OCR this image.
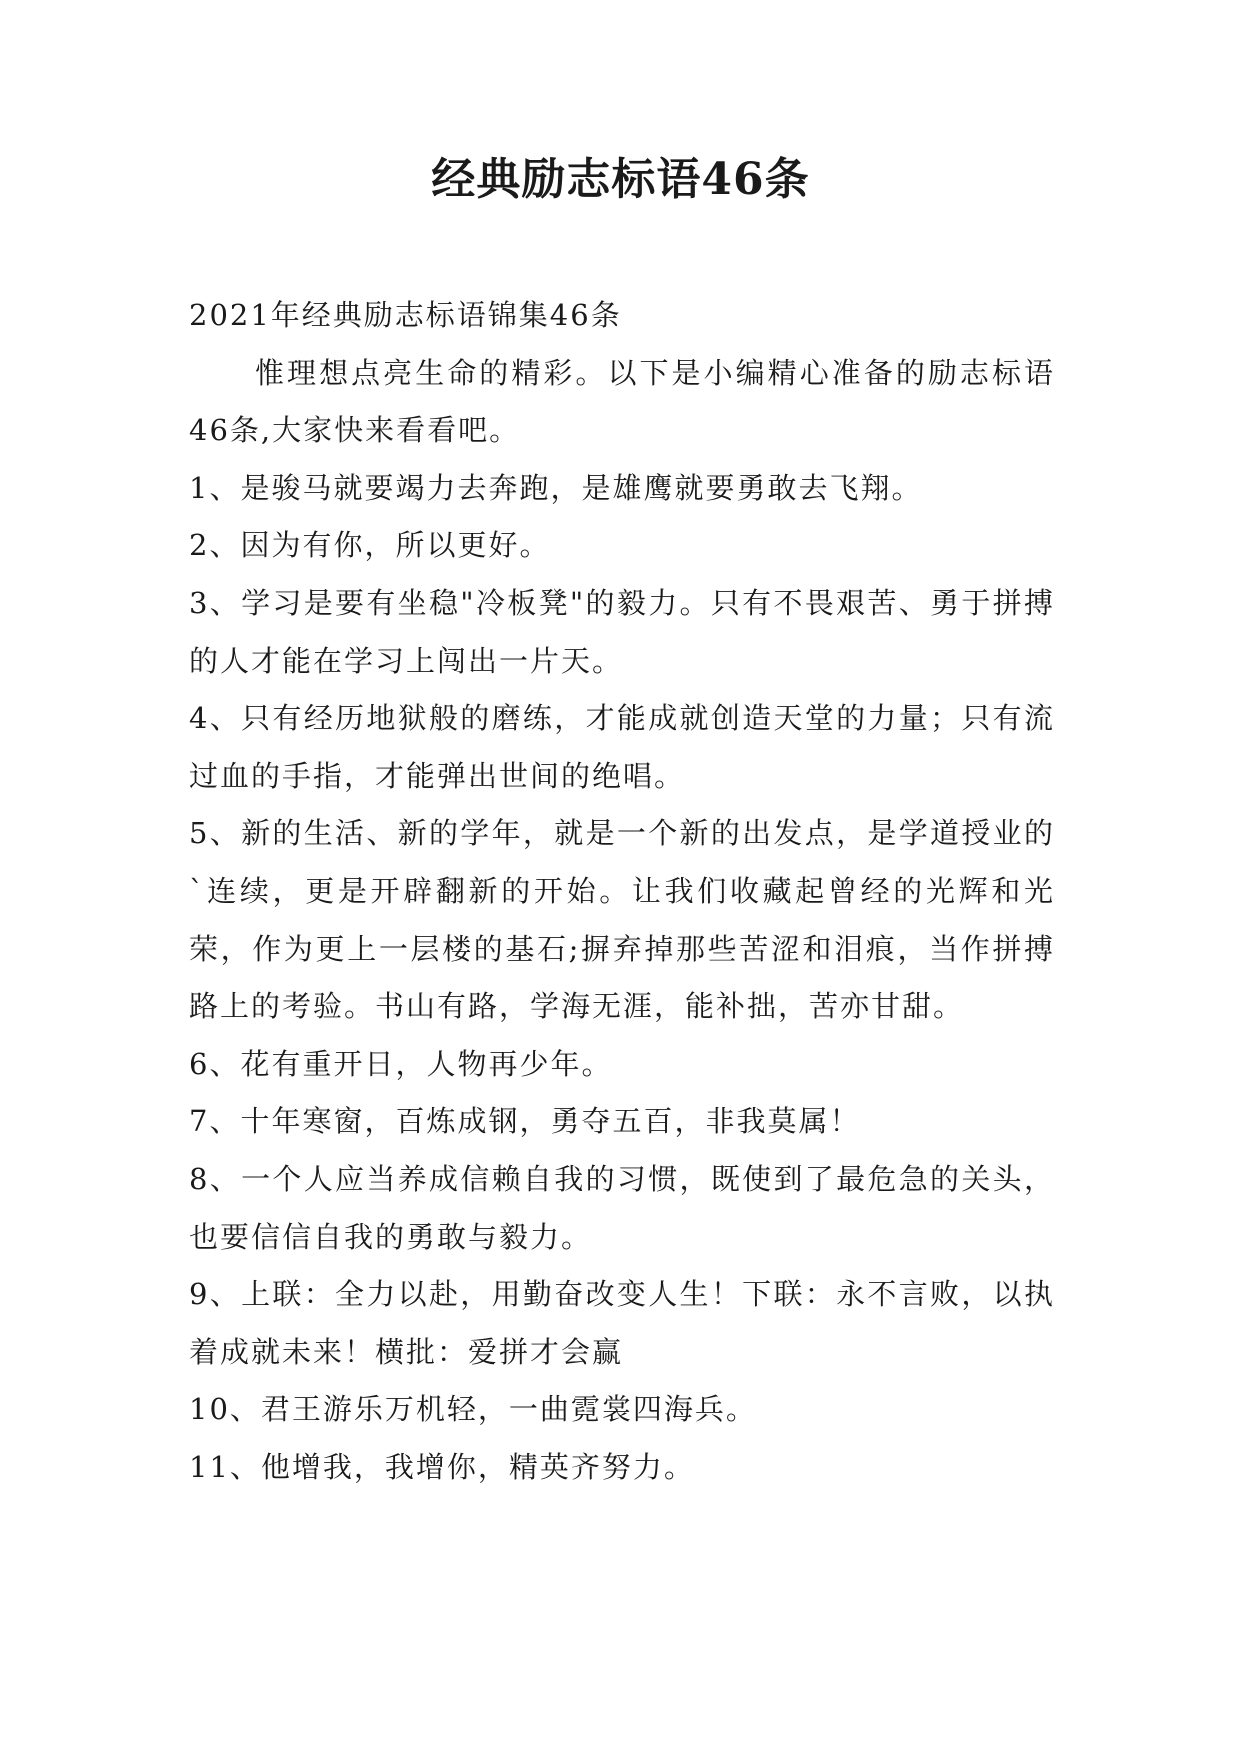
经典励志标语46条

2021年经典励志标语锦集46条

惟理想点亮生命的精彩。以下是小编精心准备的励志标语46条,大家快来看看吧。

1、是骏马就要竭力去奔跑，是雄鹰就要勇敢去飞翔。

2、因为有你，所以更好。

3、学习是要有坐稳"冷板凳"的毅力。只有不畏艰苦、勇于拼搏的人才能在学习上闯出一片天。

4、只有经历地狱般的磨练，才能成就创造天堂的力量；只有流过血的手指，才能弹出世间的绝唱。

5、新的生活、新的学年，就是一个新的出发点，是学道授业的`连续，更是开辟翻新的开始。让我们收藏起曾经的光辉和光荣，作为更上一层楼的基石;摒弃掉那些苦涩和泪痕，当作拼搏路上的考验。书山有路，学海无涯，能补拙，苦亦甘甜。

6、花有重开日，人物再少年。

7、十年寒窗，百炼成钢，勇夺五百，非我莫属！

8、一个人应当养成信赖自我的习惯，既使到了最危急的关头，也要信信自我的勇敢与毅力。

9、上联：全力以赴，用勤奋改变人生！下联：永不言败，以执着成就未来！横批：爱拼才会赢

10、君王游乐万机轻，一曲霓裳四海兵。

11、他增我，我增你，精英齐努力。
